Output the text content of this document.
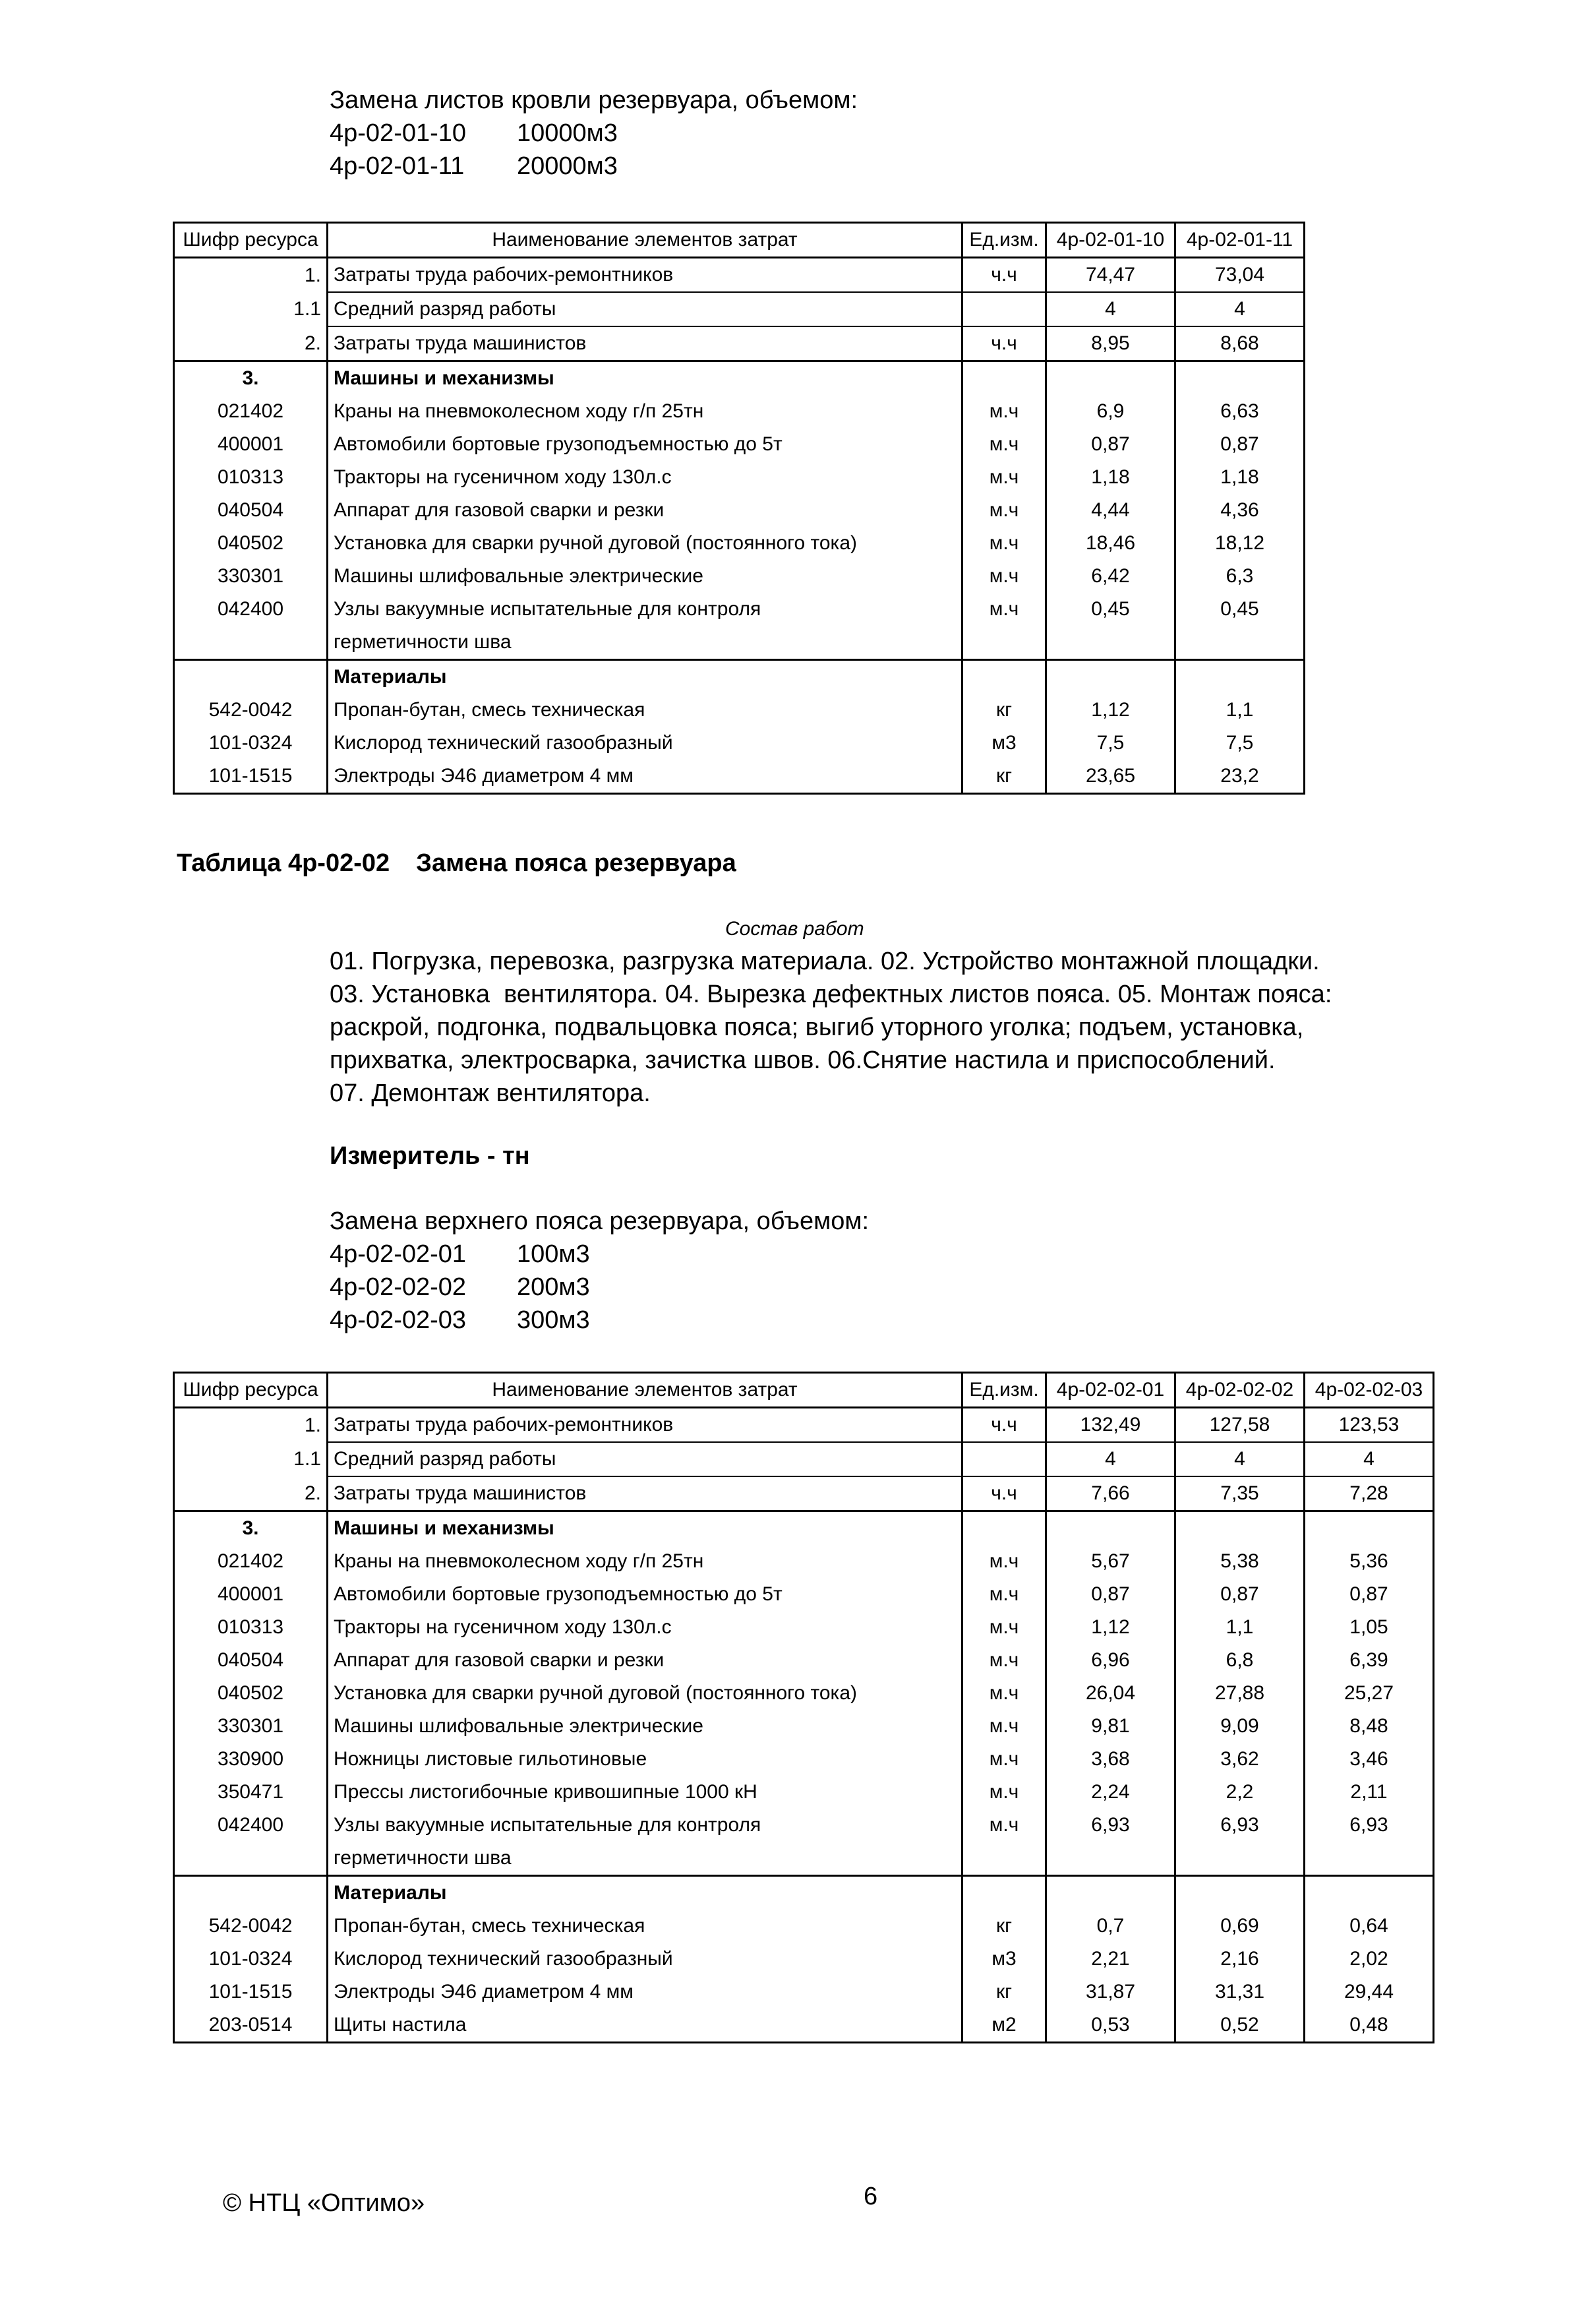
Замена листов кровли резервуара, объемом:
4р-02-01-10 10000м3
4р-02-01-11 20000м3
Шифр ресурса	Наименование элементов затрат	Ед.изм.	4р-02-01-10	4р-02-01-11
1.	Затраты труда рабочих-ремонтников	ч.ч	74,47	73,04
1.1	Средний разряд работы		4	4
2.	Затраты труда машинистов	ч.ч	8,95	8,68
3.	Машины и механизмы			
021402	Краны на пневмоколесном ходу г/п 25тн	м.ч	6,9	6,63
400001	Автомобили бортовые грузоподъемностью до 5т	м.ч	0,87	0,87
010313	Тракторы на гусеничном ходу 130л.с	м.ч	1,18	1,18
040504	Аппарат для газовой сварки и резки	м.ч	4,44	4,36
040502	Установка для сварки ручной дуговой (постоянного тока)	м.ч	18,46	18,12
330301	Машины шлифовальные электрические	м.ч	6,42	6,3
042400	Узлы вакуумные испытательные для контроля	м.ч	0,45	0,45
	герметичности шва			
	Материалы			
542-0042	Пропан-бутан, смесь техническая	кг	1,12	1,1
101-0324	Кислород технический газообразный	м3	7,5	7,5
101-1515	Электроды Э46 диаметром 4 мм	кг	23,65	23,2
Таблица 4р-02-02 Замена пояса резервуара
Состав работ
01. Погрузка, перевозка, разгрузка материала. 02. Устройство монтажной площадки.
03. Установка  вентилятора. 04. Вырезка дефектных листов пояса. 05. Монтаж пояса:
раскрой, подгонка, подвальцовка пояса; выгиб уторного уголка; подъем, установка,
прихватка, электросварка, зачистка швов. 06.Снятие настила и приспособлений.
07. Демонтаж вентилятора.
Измеритель - тн
Замена верхнего пояса резервуара, объемом:
4р-02-02-01 100м3
4р-02-02-02 200м3
4р-02-02-03 300м3
Шифр ресурса	Наименование элементов затрат	Ед.изм.	4р-02-02-01	4р-02-02-02	4р-02-02-03
1.	Затраты труда рабочих-ремонтников	ч.ч	132,49	127,58	123,53
1.1	Средний разряд работы		4	4	4
2.	Затраты труда машинистов	ч.ч	7,66	7,35	7,28
3.	Машины и механизмы				
021402	Краны на пневмоколесном ходу г/п 25тн	м.ч	5,67	5,38	5,36
400001	Автомобили бортовые грузоподъемностью до 5т	м.ч	0,87	0,87	0,87
010313	Тракторы на гусеничном ходу 130л.с	м.ч	1,12	1,1	1,05
040504	Аппарат для газовой сварки и резки	м.ч	6,96	6,8	6,39
040502	Установка для сварки ручной дуговой (постоянного тока)	м.ч	26,04	27,88	25,27
330301	Машины шлифовальные электрические	м.ч	9,81	9,09	8,48
330900	Ножницы листовые гильотиновые	м.ч	3,68	3,62	3,46
350471	Прессы листогибочные кривошипные 1000 кН	м.ч	2,24	2,2	2,11
042400	Узлы вакуумные испытательные для контроля	м.ч	6,93	6,93	6,93
	герметичности шва				
	Материалы				
542-0042	Пропан-бутан, смесь техническая	кг	0,7	0,69	0,64
101-0324	Кислород технический газообразный	м3	2,21	2,16	2,02
101-1515	Электроды Э46 диаметром 4 мм	кг	31,87	31,31	29,44
203-0514	Щиты настила	м2	0,53	0,52	0,48
© НТЦ «Оптимо»	6
